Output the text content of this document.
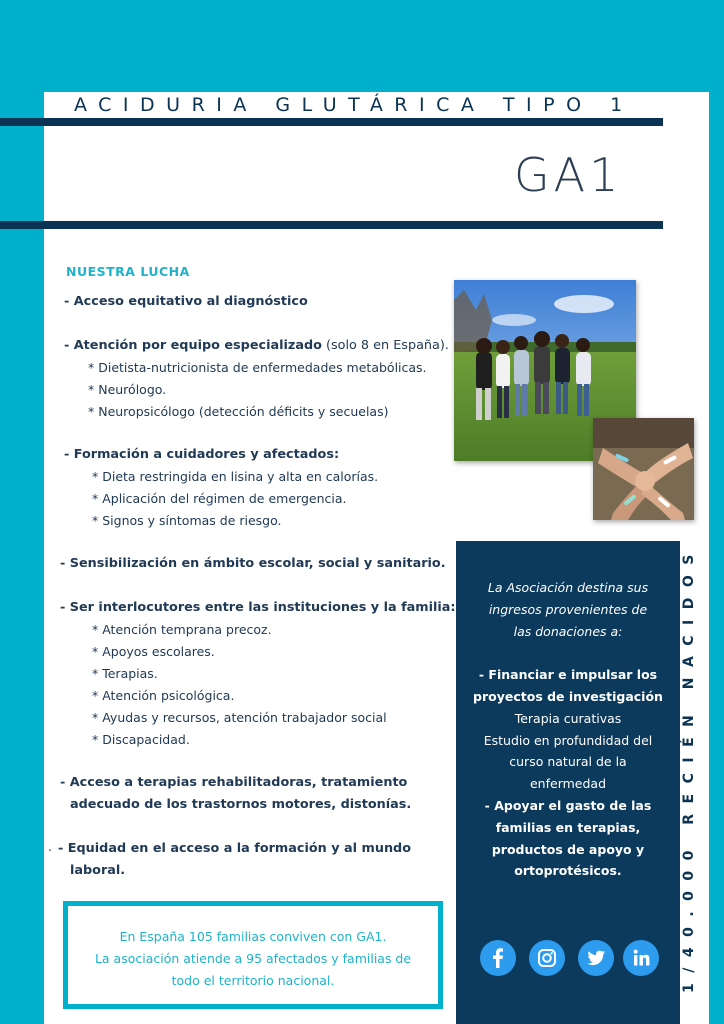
ACIDURIA GLUTÁRICA TIPO 1
GA1
NUESTRA LUCHA
- Acceso equitativo al diagnóstico
- Atención por equipo especializado (solo 8 en España).
* Dietista-nutricionista de enfermedades metabólicas.
* Neurólogo.
* Neuropsicólogo (detección déficits y secuelas)
- Formación a cuidadores y afectados:
* Dieta restringida en lisina y alta en calorías.
* Aplicación del régimen de emergencia.
* Signos y síntomas de riesgo.
- Sensibilización en ámbito escolar, social y sanitario.
- Ser interlocutores entre las instituciones y la familia:
* Atención temprana precoz.
* Apoyos escolares.
* Terapias.
* Atención psicológica.
* Ayudas y recursos, atención trabajador social
* Discapacidad.
- Acceso a terapias rehabilitadoras, tratamiento
adecuado de los trastornos motores, distonías.
. - Equidad en el acceso a la formación y al mundo
laboral.
La Asociación destina sus
ingresos provenientes de
las donaciones a:
- Financiar e impulsar los
proyectos de investigación
Terapia curativas
Estudio en profundidad del
curso natural de la
enfermedad
- Apoyar el gasto de las
familias en terapias,
productos de apoyo y
ortoprotésicos.	1/40.000 RECIÉN NACIDOS
En España 105 familias conviven con GA1.
La asociación atiende a 95 afectados y familias de
todo el territorio nacional.
